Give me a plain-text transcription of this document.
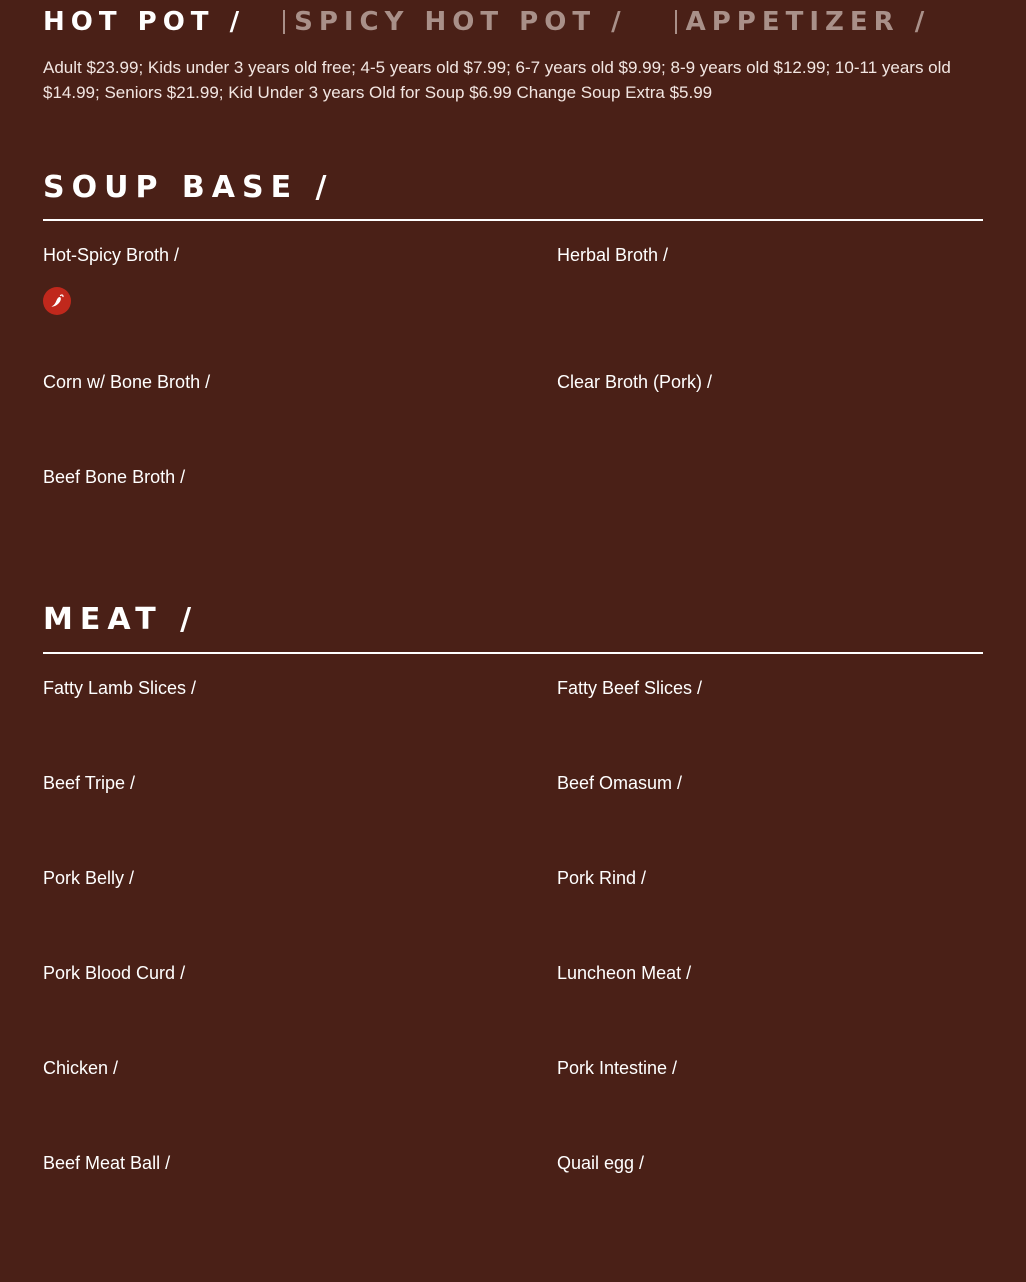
HOT POT / SPICY HOT POT / APPETIZER /
Adult $23.99; Kids under 3 years old free; 4-5 years old $7.99; 6-7 years old $9.99; 8-9 years old $12.99; 10-11 years old $14.99; Seniors $21.99; Kid Under 3 years Old for Soup $6.99 Change Soup Extra $5.99
SOUP BASE /
Hot-Spicy Broth /	Herbal Broth /
Corn w/ Bone Broth /	Clear Broth (Pork) /
Beef Bone Broth /
MEAT /
Fatty Lamb Slices /	Fatty Beef Slices /
Beef Tripe /	Beef Omasum /
Pork Belly /	Pork Rind /
Pork Blood Curd /	Luncheon Meat /
Chicken /	Pork Intestine /
Beef Meat Ball /	Quail egg /
